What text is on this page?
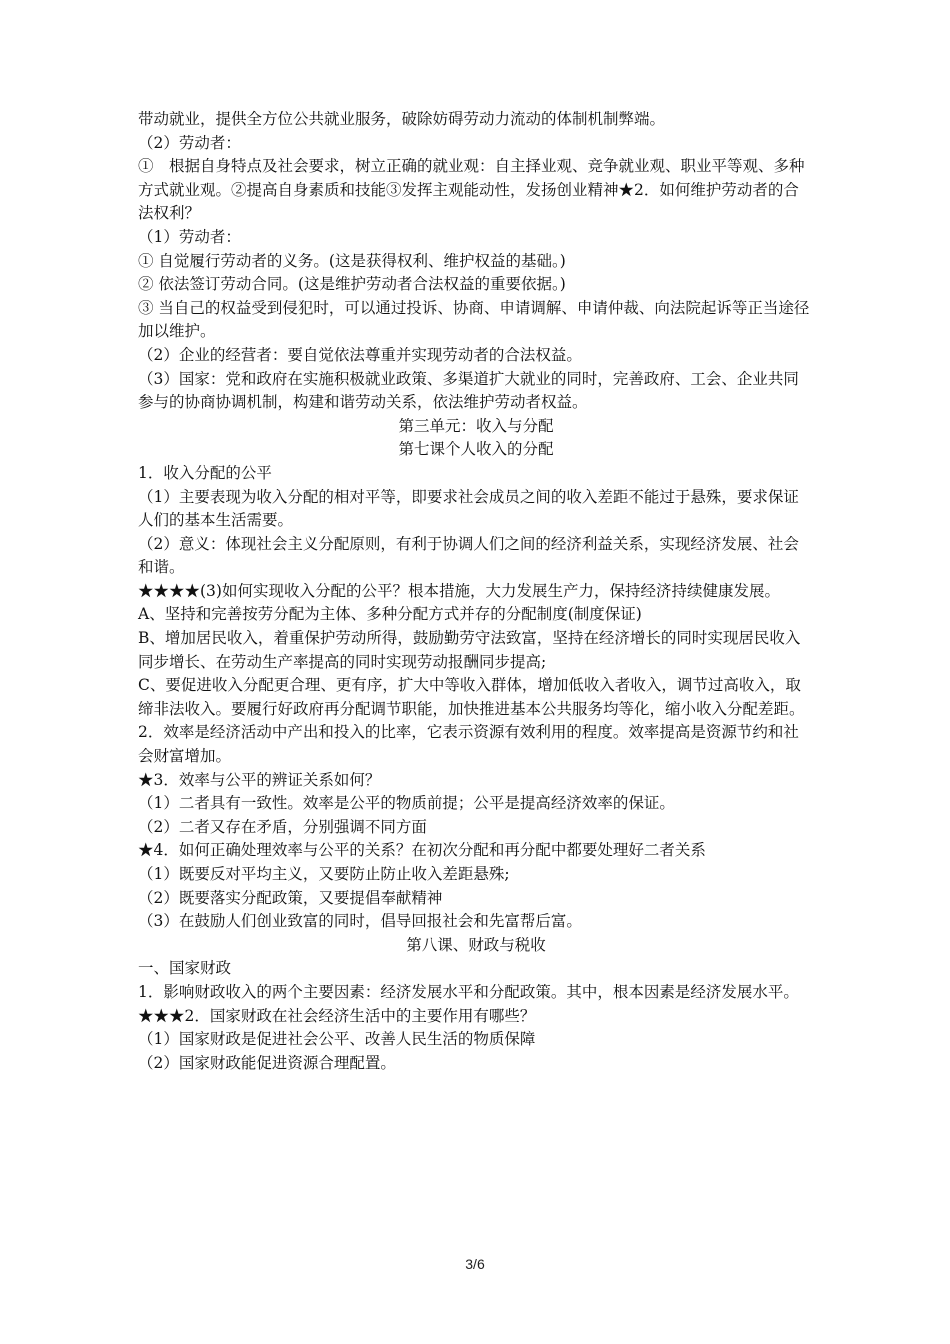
带动就业，提供全方位公共就业服务，破除妨碍劳动力流动的体制机制弊端。

（2）劳动者：

①　根据自身特点及社会要求，树立正确的就业观：自主择业观、竞争就业观、职业平等观、多种方式就业观。②提高自身素质和技能③发挥主观能动性，发扬创业精神★2．如何维护劳动者的合法权利？

（1）劳动者：

① 自觉履行劳动者的义务。(这是获得权利、维护权益的基础。)

② 依法签订劳动合同。(这是维护劳动者合法权益的重要依据。)

③ 当自己的权益受到侵犯时，可以通过投诉、协商、申请调解、申请仲裁、向法院起诉等正当途径加以维护。

（2）企业的经营者：要自觉依法尊重并实现劳动者的合法权益。

（3）国家：党和政府在实施积极就业政策、多渠道扩大就业的同时，完善政府、工会、企业共同参与的协商协调机制，构建和谐劳动关系，依法维护劳动者权益。

第三单元：收入与分配

第七课个人收入的分配

1．收入分配的公平

（1）主要表现为收入分配的相对平等，即要求社会成员之间的收入差距不能过于悬殊，要求保证人们的基本生活需要。

（2）意义：体现社会主义分配原则，有利于协调人们之间的经济利益关系，实现经济发展、社会和谐。

★★★★(3)如何实现收入分配的公平？根本措施，大力发展生产力，保持经济持续健康发展。

A、坚持和完善按劳分配为主体、多种分配方式并存的分配制度(制度保证)

B、增加居民收入，着重保护劳动所得，鼓励勤劳守法致富，坚持在经济增长的同时实现居民收入同步增长、在劳动生产率提高的同时实现劳动报酬同步提高;

C、要促进收入分配更合理、更有序，扩大中等收入群体，增加低收入者收入，调节过高收入，取缔非法收入。要履行好政府再分配调节职能，加快推进基本公共服务均等化，缩小收入分配差距。

2．效率是经济活动中产出和投入的比率，它表示资源有效利用的程度。效率提高是资源节约和社会财富增加。

★3．效率与公平的辨证关系如何？

（1）二者具有一致性。效率是公平的物质前提；公平是提高经济效率的保证。

（2）二者又存在矛盾，分别强调不同方面

★4．如何正确处理效率与公平的关系？在初次分配和再分配中都要处理好二者关系

（1）既要反对平均主义，又要防止防止收入差距悬殊;

（2）既要落实分配政策，又要提倡奉献精神

（3）在鼓励人们创业致富的同时，倡导回报社会和先富帮后富。

第八课、财政与税收

一、国家财政

1．影响财政收入的两个主要因素：经济发展水平和分配政策。其中，根本因素是经济发展水平。

★★★2．国家财政在社会经济生活中的主要作用有哪些？

（1）国家财政是促进社会公平、改善人民生活的物质保障

（2）国家财政能促进资源合理配置。

3/6
